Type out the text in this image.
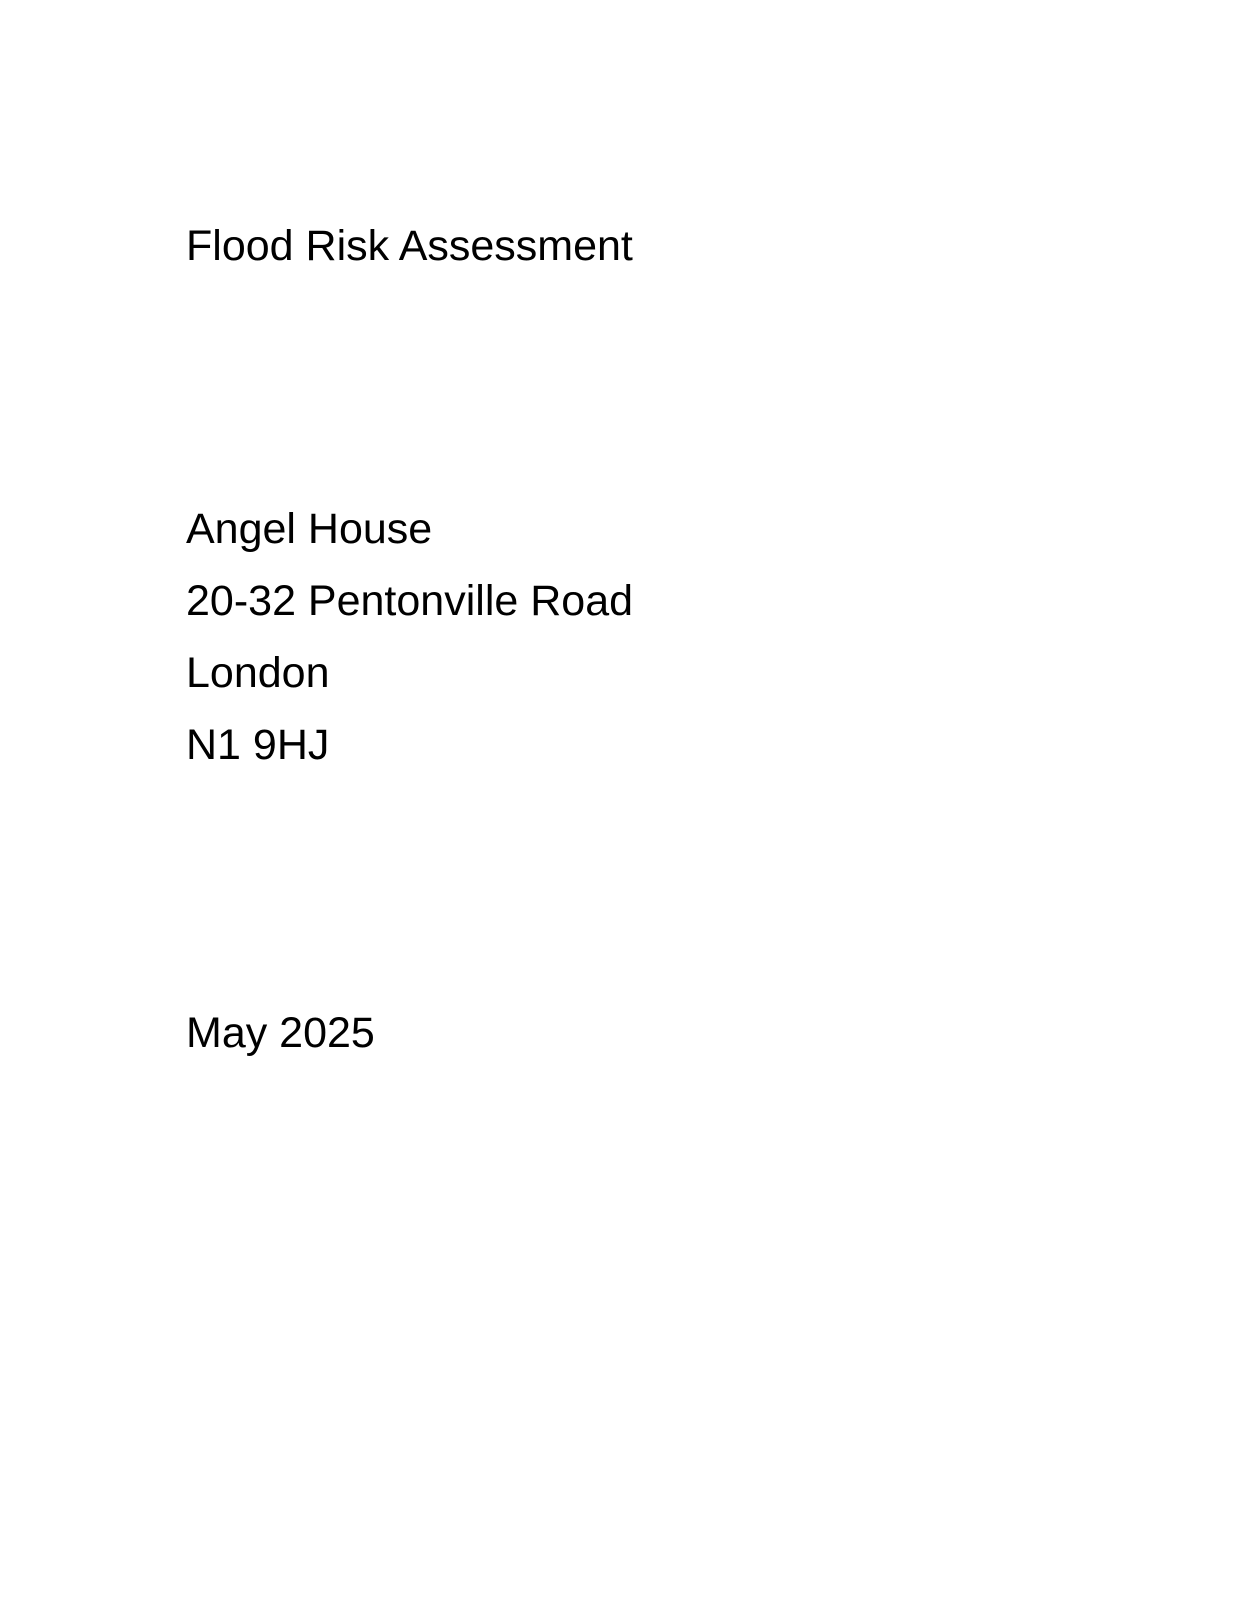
Flood Risk Assessment

Angel House

20-32 Pentonville Road

London

N1 9HJ

May 2025
